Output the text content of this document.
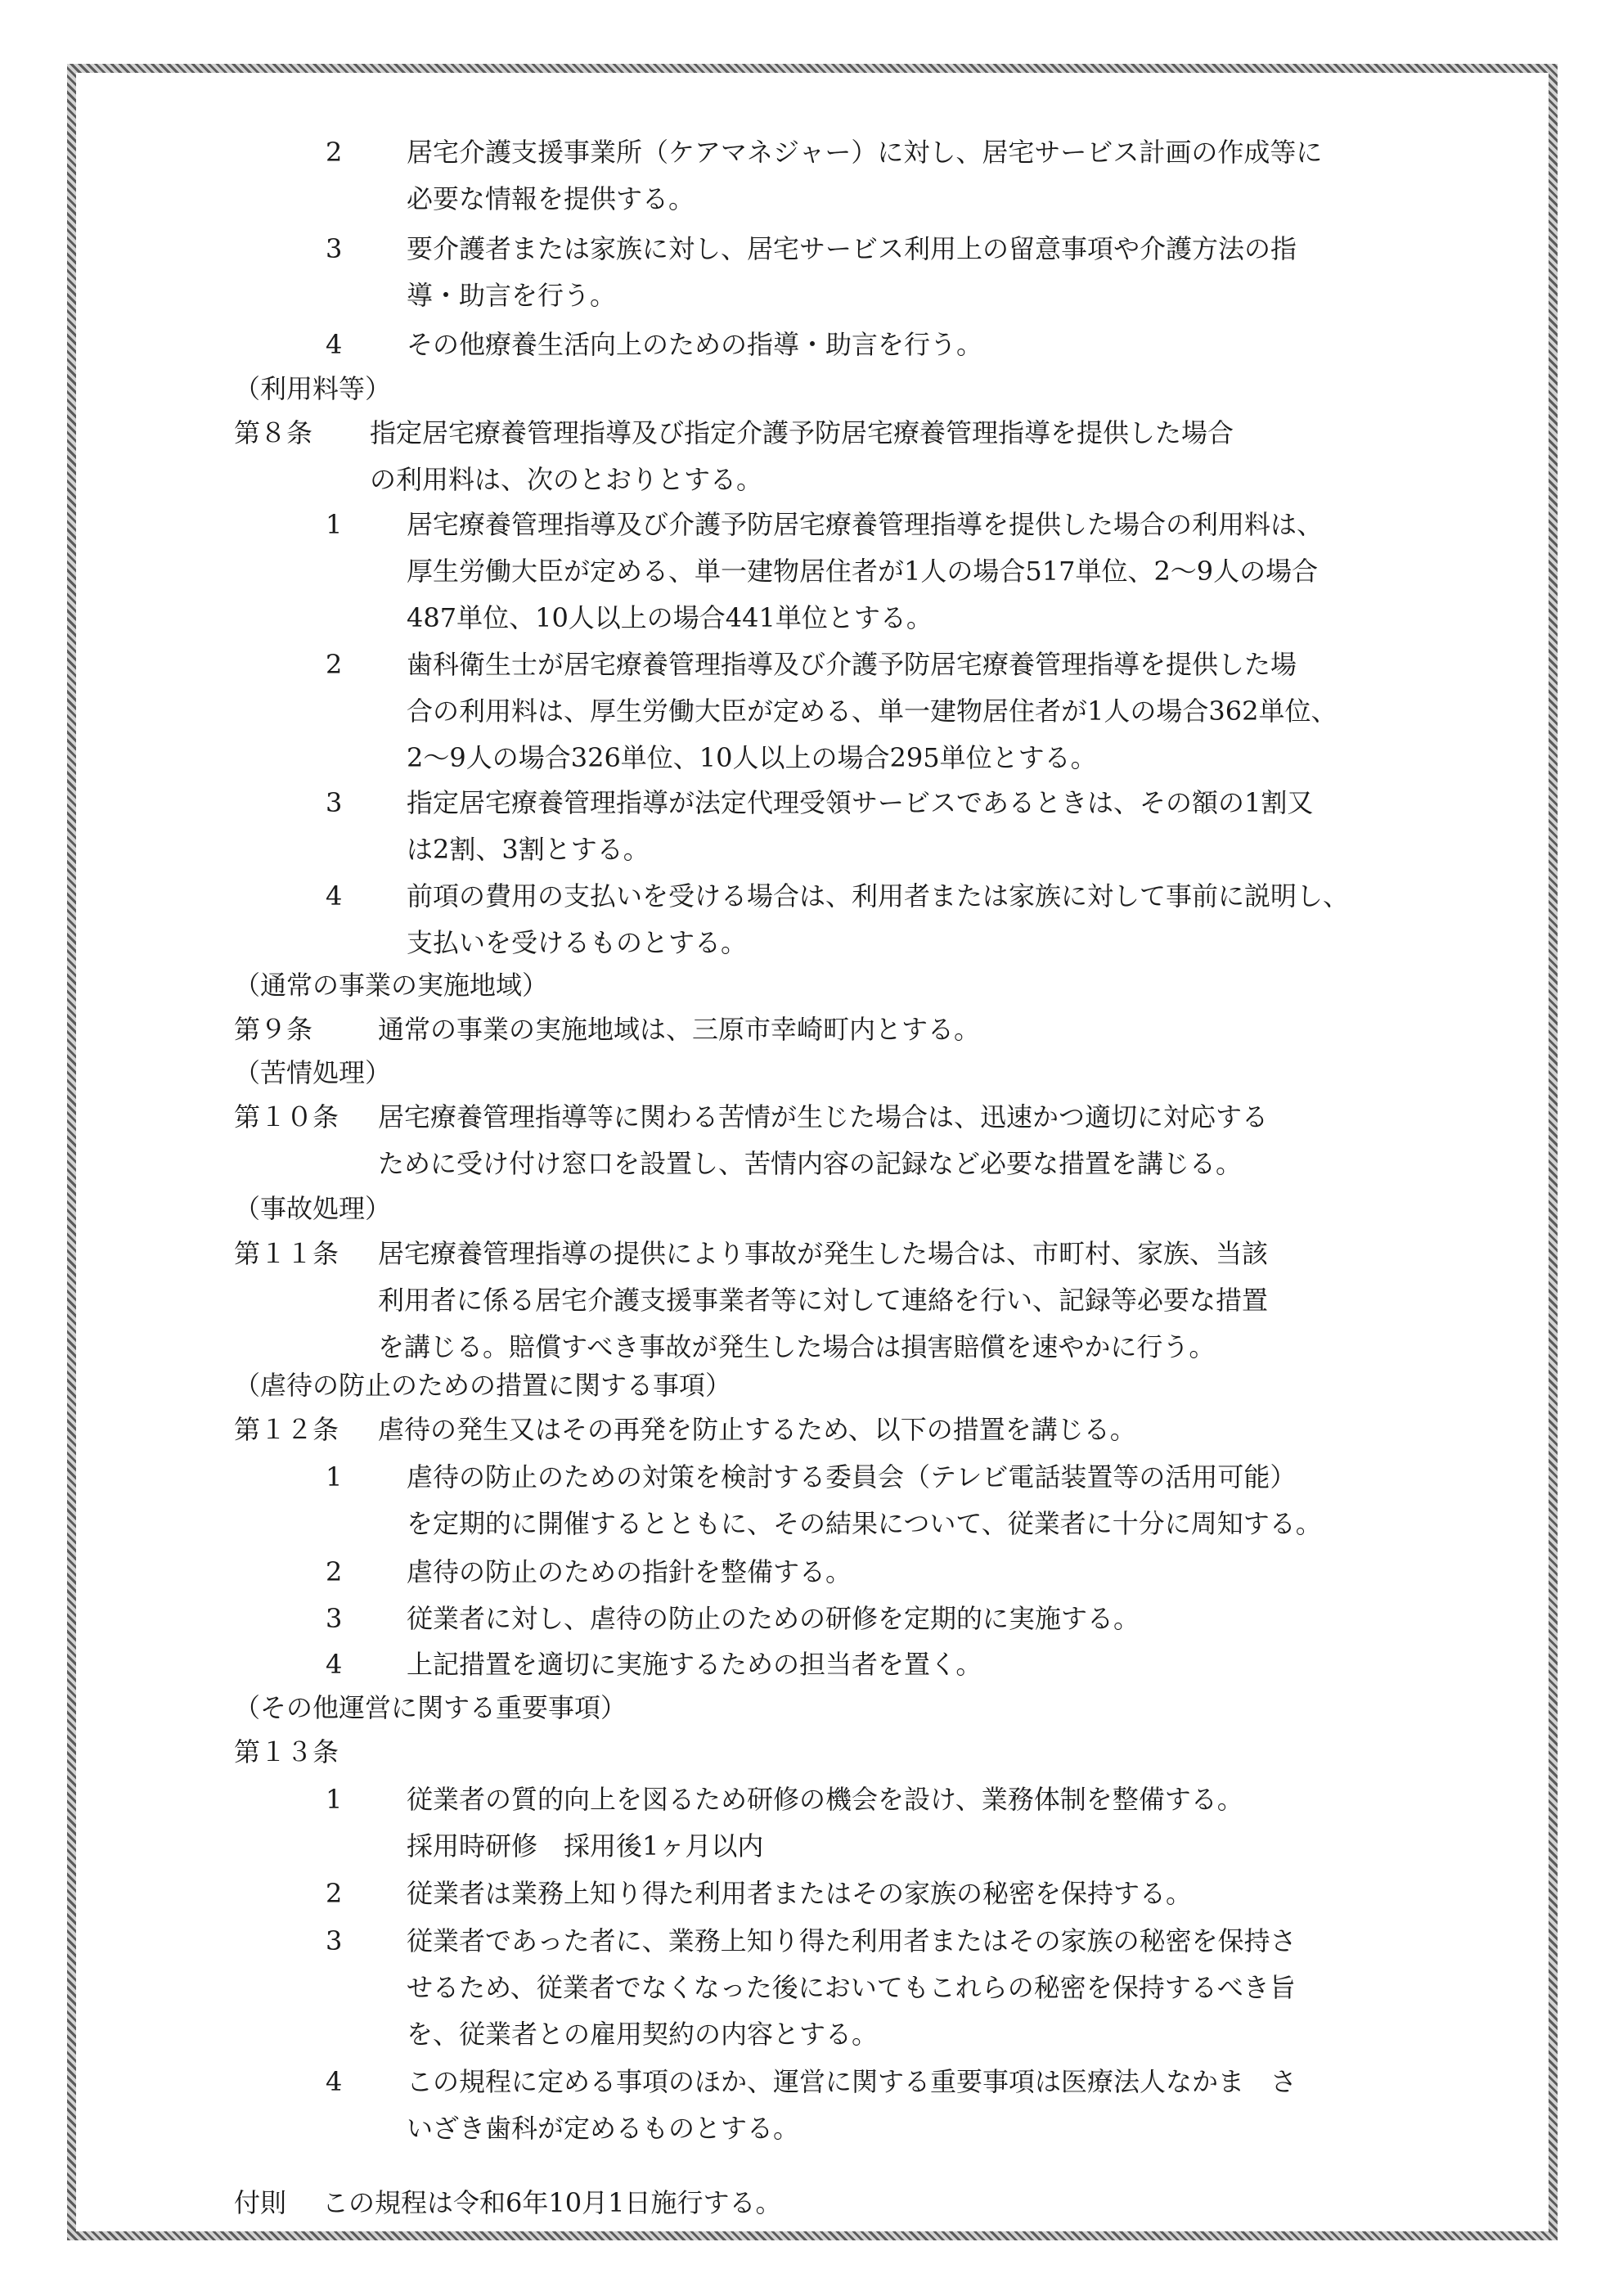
2 居宅介護支援事業所（ケアマネジャー）に対し、居宅サービス計画の作成等に
必要な情報を提供する。
3 要介護者または家族に対し、居宅サービス利用上の留意事項や介護方法の指
導・助言を行う。
4 その他療養生活向上のための指導・助言を行う。
（利用料等）
第８条 指定居宅療養管理指導及び指定介護予防居宅療養管理指導を提供した場合
の利用料は、次のとおりとする。
1 居宅療養管理指導及び介護予防居宅療養管理指導を提供した場合の利用料は、
厚生労働大臣が定める、単一建物居住者が1人の場合517単位、2〜9人の場合
487単位、10人以上の場合441単位とする。
2 歯科衛生士が居宅療養管理指導及び介護予防居宅療養管理指導を提供した場
合の利用料は、厚生労働大臣が定める、単一建物居住者が1人の場合362単位、
2〜9人の場合326単位、10人以上の場合295単位とする。
3 指定居宅療養管理指導が法定代理受領サービスであるときは、その額の1割又
は2割、3割とする。
4 前項の費用の支払いを受ける場合は、利用者または家族に対して事前に説明し、
支払いを受けるものとする。
（通常の事業の実施地域）
第９条 通常の事業の実施地域は、三原市幸崎町内とする。
（苦情処理）
第１０条 居宅療養管理指導等に関わる苦情が生じた場合は、迅速かつ適切に対応する
ために受け付け窓口を設置し、苦情内容の記録など必要な措置を講じる。
（事故処理）
第１１条 居宅療養管理指導の提供により事故が発生した場合は、市町村、家族、当該
利用者に係る居宅介護支援事業者等に対して連絡を行い、記録等必要な措置
を講じる。賠償すべき事故が発生した場合は損害賠償を速やかに行う。
（虐待の防止のための措置に関する事項）
第１２条 虐待の発生又はその再発を防止するため、以下の措置を講じる。
1 虐待の防止のための対策を検討する委員会（テレビ電話装置等の活用可能）
を定期的に開催するとともに、その結果について、従業者に十分に周知する。
2 虐待の防止のための指針を整備する。
3 従業者に対し、虐待の防止のための研修を定期的に実施する。
4 上記措置を適切に実施するための担当者を置く。
（その他運営に関する重要事項）
第１３条
1 従業者の質的向上を図るため研修の機会を設け、業務体制を整備する。
採用時研修　採用後1ヶ月以内
2 従業者は業務上知り得た利用者またはその家族の秘密を保持する。
3 従業者であった者に、業務上知り得た利用者またはその家族の秘密を保持さ
せるため、従業者でなくなった後においてもこれらの秘密を保持するべき旨
を、従業者との雇用契約の内容とする。
4 この規程に定める事項のほか、運営に関する重要事項は医療法人なかま　さ
いざき歯科が定めるものとする。
付則 この規程は令和6年10月1日施行する。
